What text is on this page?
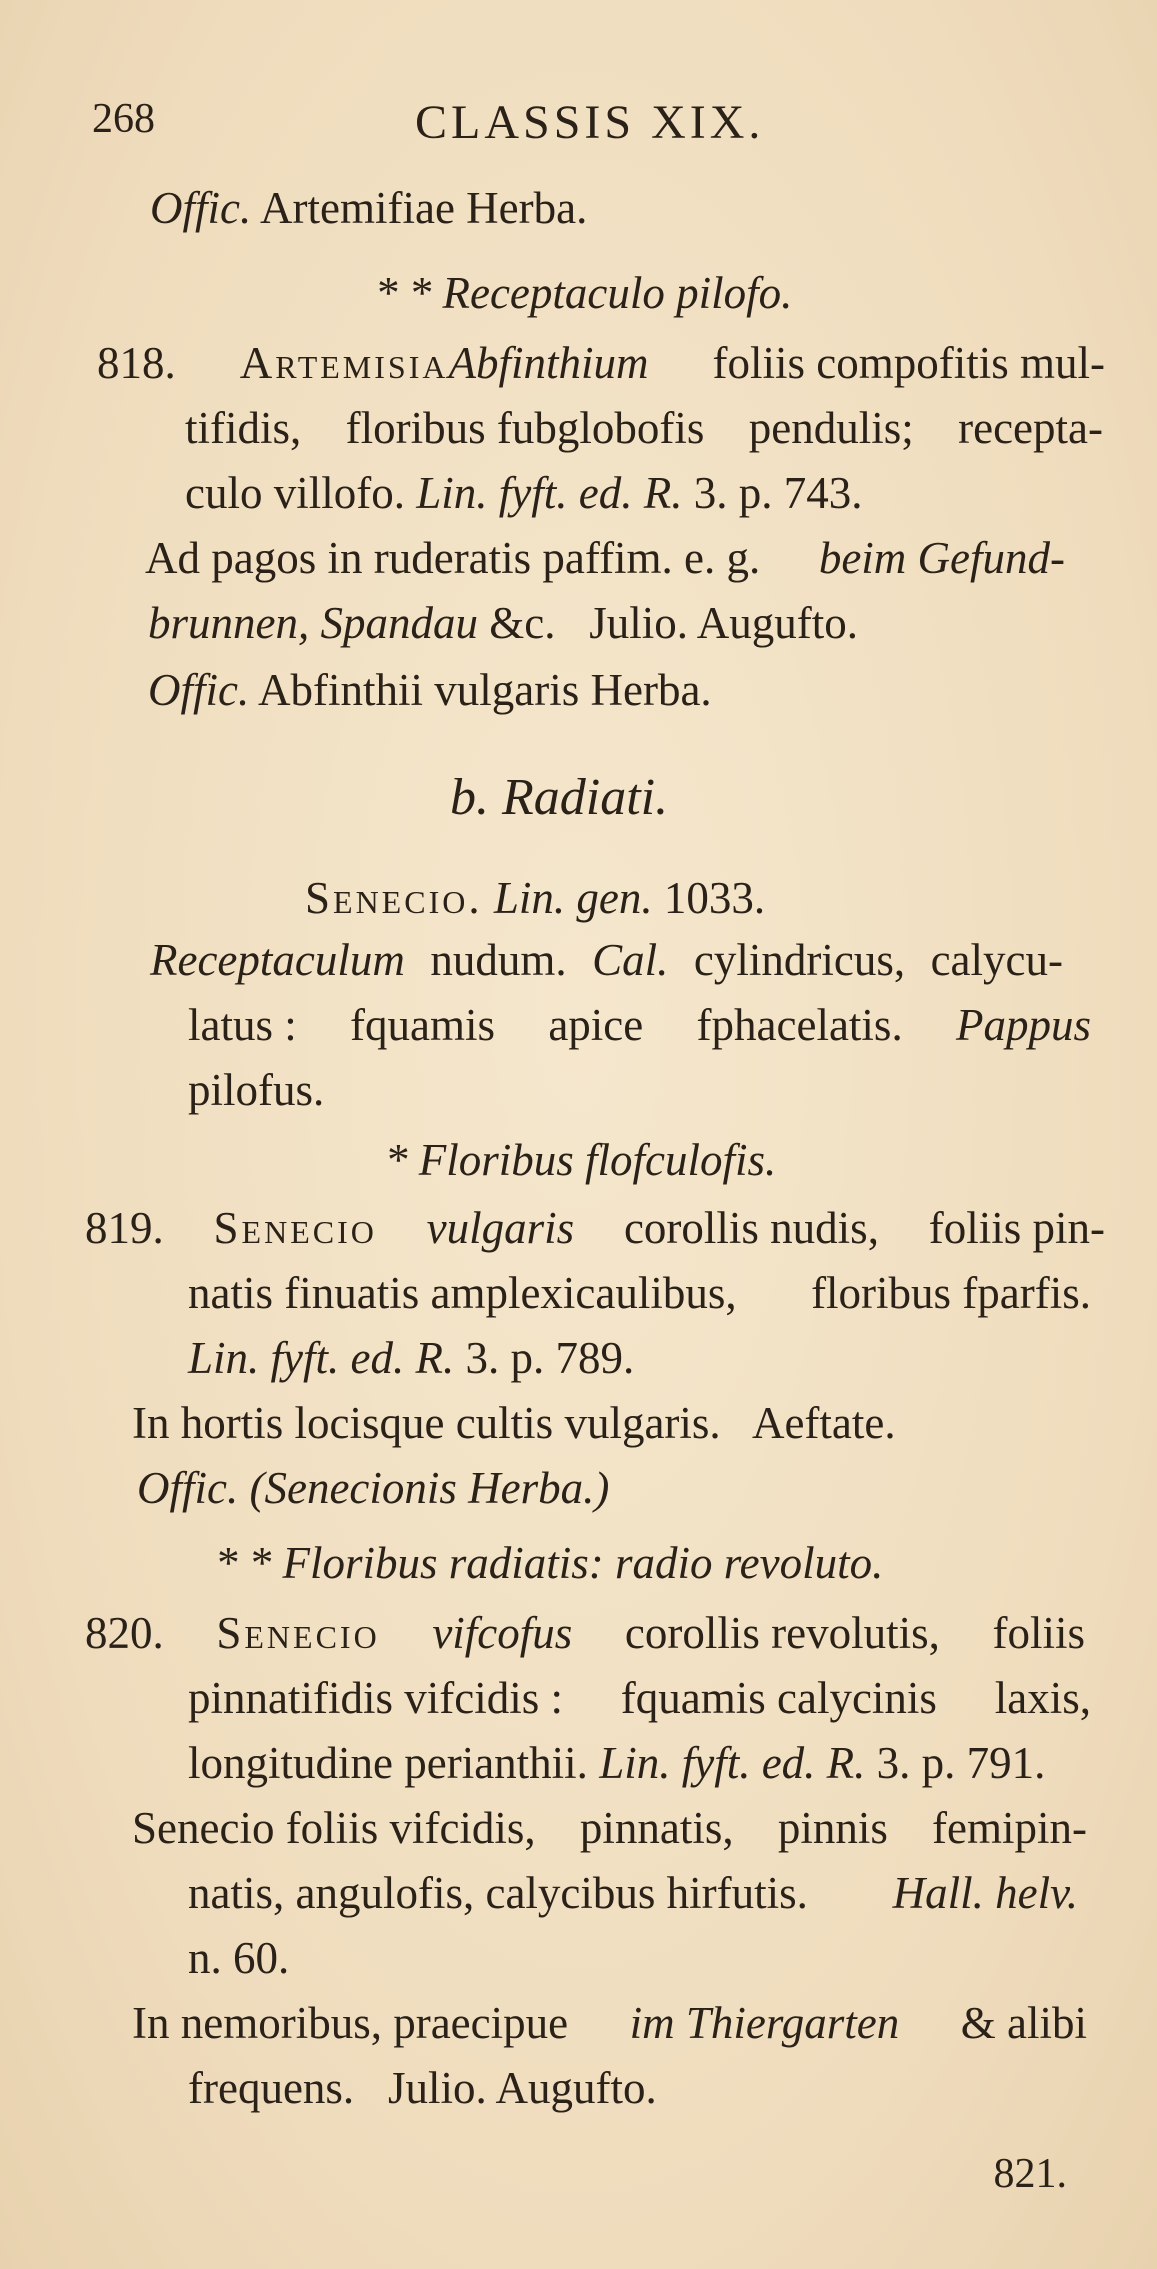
268	CLASSIS XIX.
Offic. Artemifiae Herba.
* * Receptaculo pilofo.
818. ArtemisiaAbfinthium foliis compofitis mul-
tifidis, floribus fubglobofis pendulis; recepta-
culo villofo. Lin. fyft. ed. R. 3. p. 743.
Ad pagos in ruderatis paffim. e. g. beim Gefund-
brunnen, Spandau &c. Julio. Augufto.
Offic. Abfinthii vulgaris Herba.
b. Radiati.
Senecio. Lin. gen. 1033.
Receptaculum nudum. Cal. cylindricus, calycu-
latus : fquamis apice fphacelatis. Pappus
pilofus.
* Floribus flofculofis.
819. Senecio vulgaris corollis nudis, foliis pin-
natis finuatis amplexicaulibus, floribus fparfis.
Lin. fyft. ed. R. 3. p. 789.
In hortis locisque cultis vulgaris. Aeftate.
Offic. (Senecionis Herba.)
* * Floribus radiatis: radio revoluto.
820. Senecio vifcofus corollis revolutis, foliis
pinnatifidis vifcidis : fquamis calycinis laxis,
longitudine perianthii. Lin. fyft. ed. R. 3. p. 791.
Senecio foliis vifcidis, pinnatis, pinnis femipin-
natis, angulofis, calycibus hirfutis. Hall. helv.
n. 60.
In nemoribus, praecipue im Thiergarten & alibi
frequens. Julio. Augufto.
821.
